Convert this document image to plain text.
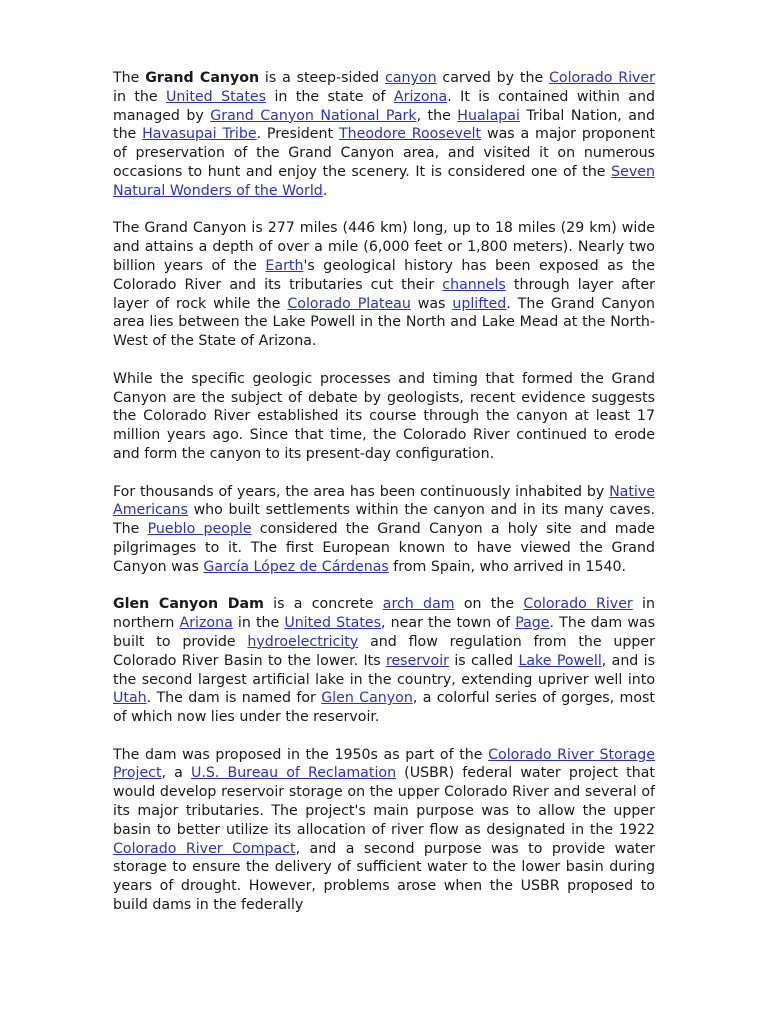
The Grand Canyon is a steep-sided canyon carved by the Colorado River in the United States in the state of Arizona. It is contained within and managed by Grand Canyon National Park, the Hualapai Tribal Nation, and the Havasupai Tribe. President Theodore Roosevelt was a major proponent of preservation of the Grand Canyon area, and visited it on numerous occasions to hunt and enjoy the scenery. It is considered one of the Seven Natural Wonders of the World.

The Grand Canyon is 277 miles (446 km) long, up to 18 miles (29 km) wide and attains a depth of over a mile (6,000 feet or 1,800 meters). Nearly two billion years of the Earth's geological history has been exposed as the Colorado River and its tributaries cut their channels through layer after layer of rock while the Colorado Plateau was uplifted. The Grand Canyon area lies between the Lake Powell in the North and Lake Mead at the North-West of the State of Arizona.

While the specific geologic processes and timing that formed the Grand Canyon are the subject of debate by geologists, recent evidence suggests the Colorado River established its course through the canyon at least 17 million years ago. Since that time, the Colorado River continued to erode and form the canyon to its present-day configuration.

For thousands of years, the area has been continuously inhabited by Native Americans who built settlements within the canyon and in its many caves. The Pueblo people considered the Grand Canyon a holy site and made pilgrimages to it. The first European known to have viewed the Grand Canyon was García López de Cárdenas from Spain, who arrived in 1540.

Glen Canyon Dam is a concrete arch dam on the Colorado River in northern Arizona in the United States, near the town of Page. The dam was built to provide hydroelectricity and flow regulation from the upper Colorado River Basin to the lower. Its reservoir is called Lake Powell, and is the second largest artificial lake in the country, extending upriver well into Utah. The dam is named for Glen Canyon, a colorful series of gorges, most of which now lies under the reservoir.

The dam was proposed in the 1950s as part of the Colorado River Storage Project, a U.S. Bureau of Reclamation (USBR) federal water project that would develop reservoir storage on the upper Colorado River and several of its major tributaries. The project's main purpose was to allow the upper basin to better utilize its allocation of river flow as designated in the 1922 Colorado River Compact, and a second purpose was to provide water storage to ensure the delivery of sufficient water to the lower basin during years of drought. However, problems arose when the USBR proposed to build dams in the federally
